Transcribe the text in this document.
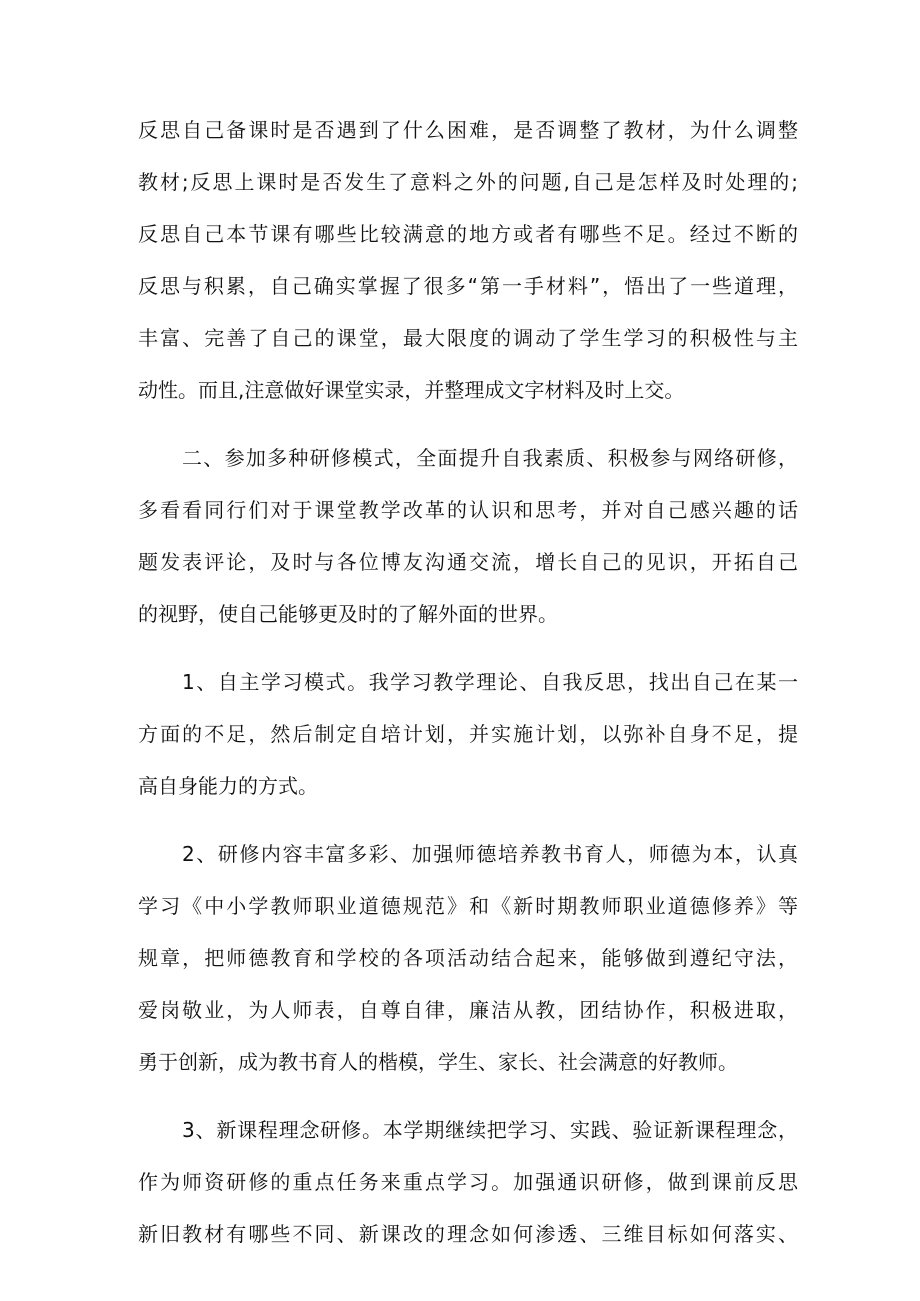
反思自己备课时是否遇到了什么困难，是否调整了教材，为什么调整
教材;反思上课时是否发生了意料之外的问题,自己是怎样及时处理的;
反思自己本节课有哪些比较满意的地方或者有哪些不足。经过不断的
反思与积累，自己确实掌握了很多“第一手材料”，悟出了一些道理，
丰富、完善了自己的课堂，最大限度的调动了学生学习的积极性与主
动性。而且,注意做好课堂实录，并整理成文字材料及时上交。
二、参加多种研修模式，全面提升自我素质、积极参与网络研修，
多看看同行们对于课堂教学改革的认识和思考，并对自己感兴趣的话
题发表评论，及时与各位博友沟通交流，增长自己的见识，开拓自己
的视野，使自己能够更及时的了解外面的世界。
1、自主学习模式。我学习教学理论、自我反思，找出自己在某一
方面的不足，然后制定自培计划，并实施计划，以弥补自身不足，提
高自身能力的方式。
2、研修内容丰富多彩、加强师德培养教书育人，师德为本，认真
学习《中小学教师职业道德规范》和《新时期教师职业道德修养》等
规章，把师德教育和学校的各项活动结合起来，能够做到遵纪守法，
爱岗敬业，为人师表，自尊自律，廉洁从教，团结协作，积极进取，
勇于创新，成为教书育人的楷模，学生、家长、社会满意的好教师。
3、新课程理念研修。本学期继续把学习、实践、验证新课程理念，
作为师资研修的重点任务来重点学习。加强通识研修，做到课前反思
新旧教材有哪些不同、新课改的理念如何渗透、三维目标如何落实、
